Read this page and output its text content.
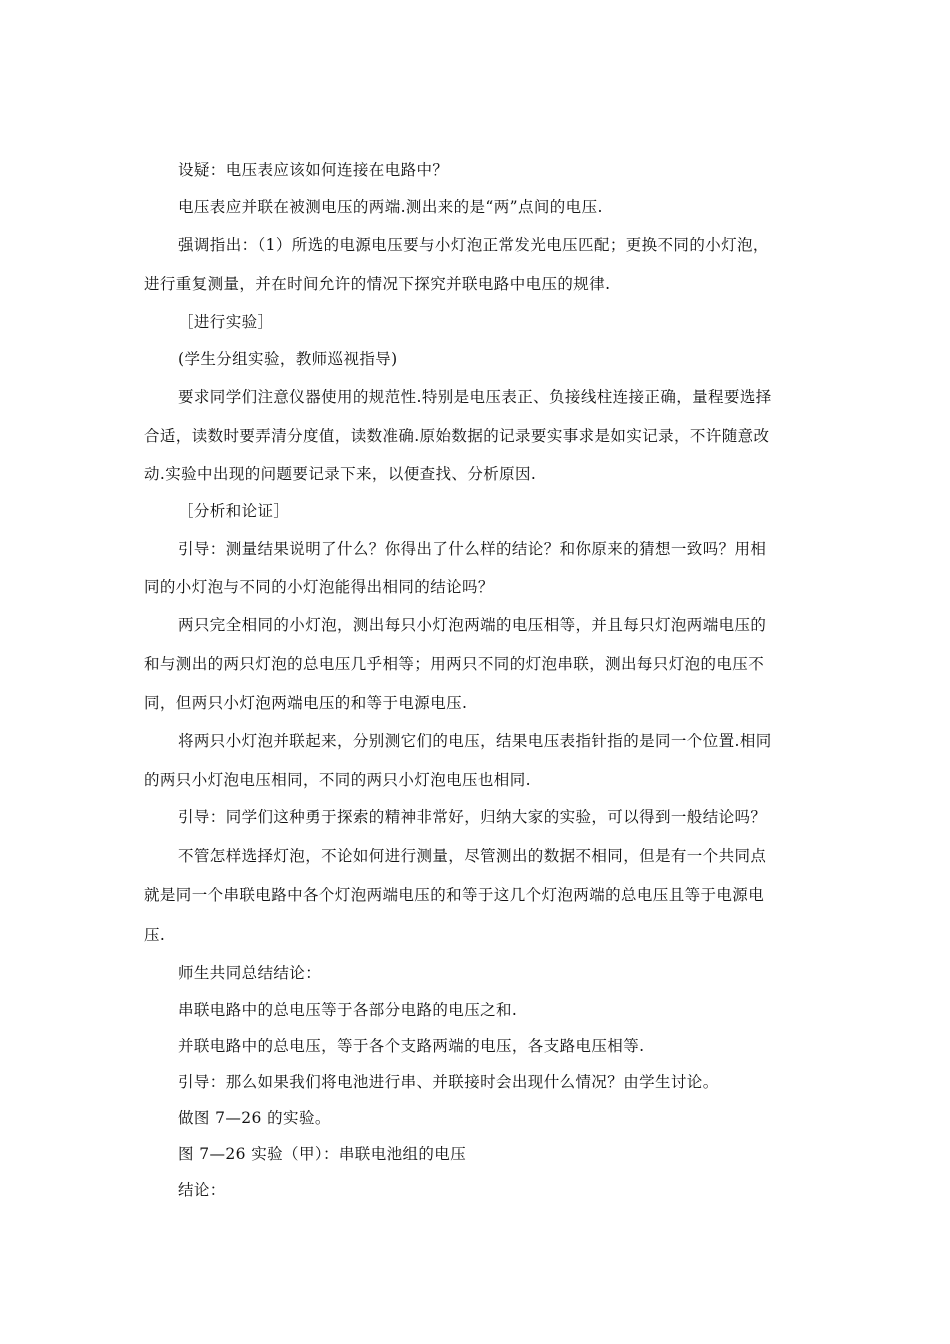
设疑：电压表应该如何连接在电路中？
电压表应并联在被测电压的两端.测出来的是“两”点间的电压.
强调指出：（1）所选的电源电压要与小灯泡正常发光电压匹配；更换不同的小灯泡，
进行重复测量，并在时间允许的情况下探究并联电路中电压的规律.
［进行实验］
(学生分组实验，教师巡视指导)
要求同学们注意仪器使用的规范性.特别是电压表正、负接线柱连接正确，量程要选择
合适，读数时要弄清分度值，读数准确.原始数据的记录要实事求是如实记录，不许随意改
动.实验中出现的问题要记录下来，以便查找、分析原因.
［分析和论证］
引导：测量结果说明了什么？你得出了什么样的结论？和你原来的猜想一致吗？用相
同的小灯泡与不同的小灯泡能得出相同的结论吗？
两只完全相同的小灯泡，测出每只小灯泡两端的电压相等，并且每只灯泡两端电压的
和与测出的两只灯泡的总电压几乎相等；用两只不同的灯泡串联，测出每只灯泡的电压不
同，但两只小灯泡两端电压的和等于电源电压.
将两只小灯泡并联起来，分别测它们的电压，结果电压表指针指的是同一个位置.相同
的两只小灯泡电压相同，不同的两只小灯泡电压也相同.
引导：同学们这种勇于探索的精神非常好，归纳大家的实验，可以得到一般结论吗？
不管怎样选择灯泡，不论如何进行测量，尽管测出的数据不相同，但是有一个共同点
就是同一个串联电路中各个灯泡两端电压的和等于这几个灯泡两端的总电压且等于电源电
压.
师生共同总结结论：
串联电路中的总电压等于各部分电路的电压之和.
并联电路中的总电压，等于各个支路两端的电压，各支路电压相等.
引导：那么如果我们将电池进行串、并联接时会出现什么情况？由学生讨论。
做图 7—26 的实验。
图 7—26 实验（甲）：串联电池组的电压
结论：
